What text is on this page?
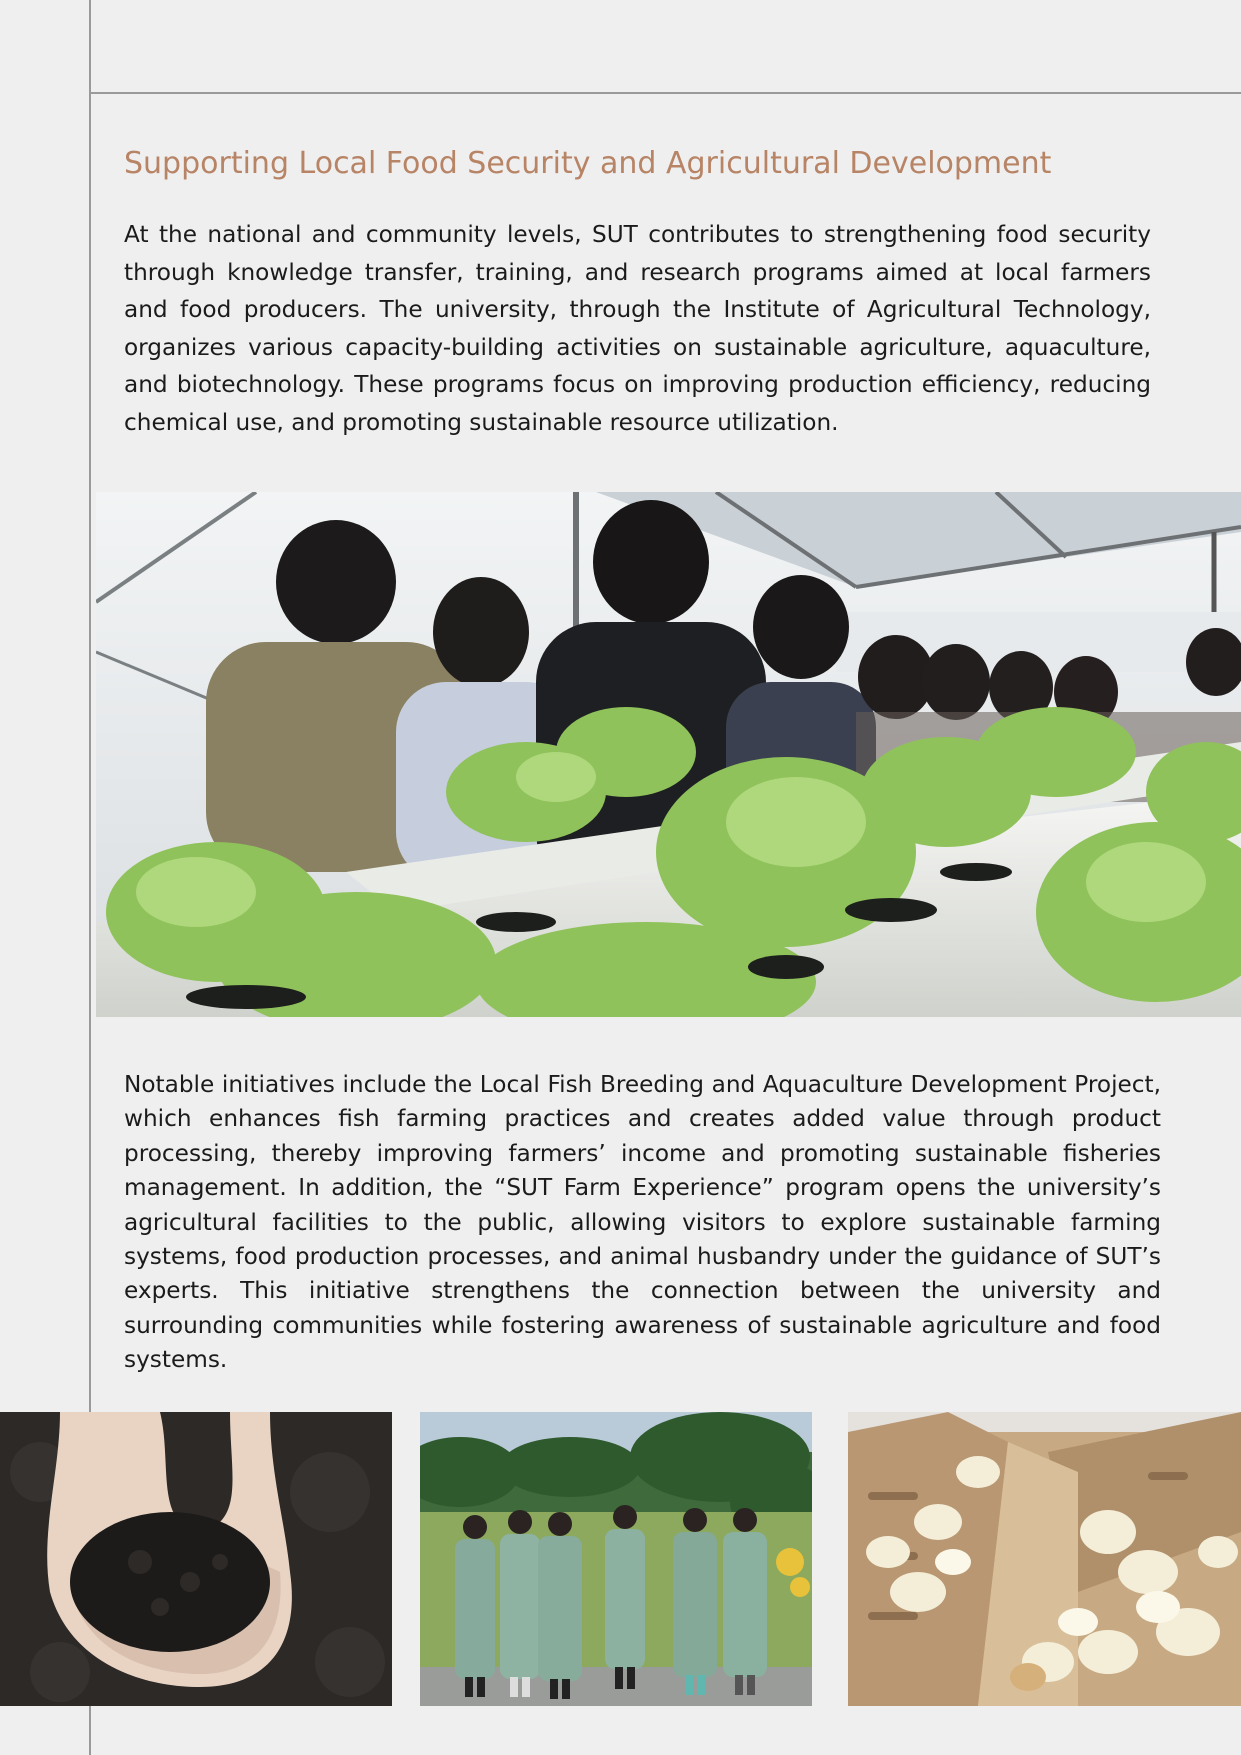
Supporting Local Food Security and Agricultural Development

At the national and community levels, SUT contributes to strengthening food security through knowledge transfer, training, and research programs aimed at local farmers and food producers. The university, through the Institute of Agricultural Technology, organizes various capacity-building activities on sustainable agriculture, aquaculture, and biotechnology. These programs focus on improving production efficiency, reducing chemical use, and promoting sustainable resource utilization.

Notable initiatives include the Local Fish Breeding and Aquaculture Development Project, which enhances fish farming practices and creates added value through product processing, thereby improving farmers’ income and promoting sustainable fisheries management. In addition, the “SUT Farm Experience” program opens the university’s agricultural facilities to the public, allowing visitors to explore sustainable farming systems, food production processes, and animal husbandry under the guidance of SUT’s experts. This initiative strengthens the connection between the university and surrounding communities while fostering awareness of sustainable agriculture and food systems.
